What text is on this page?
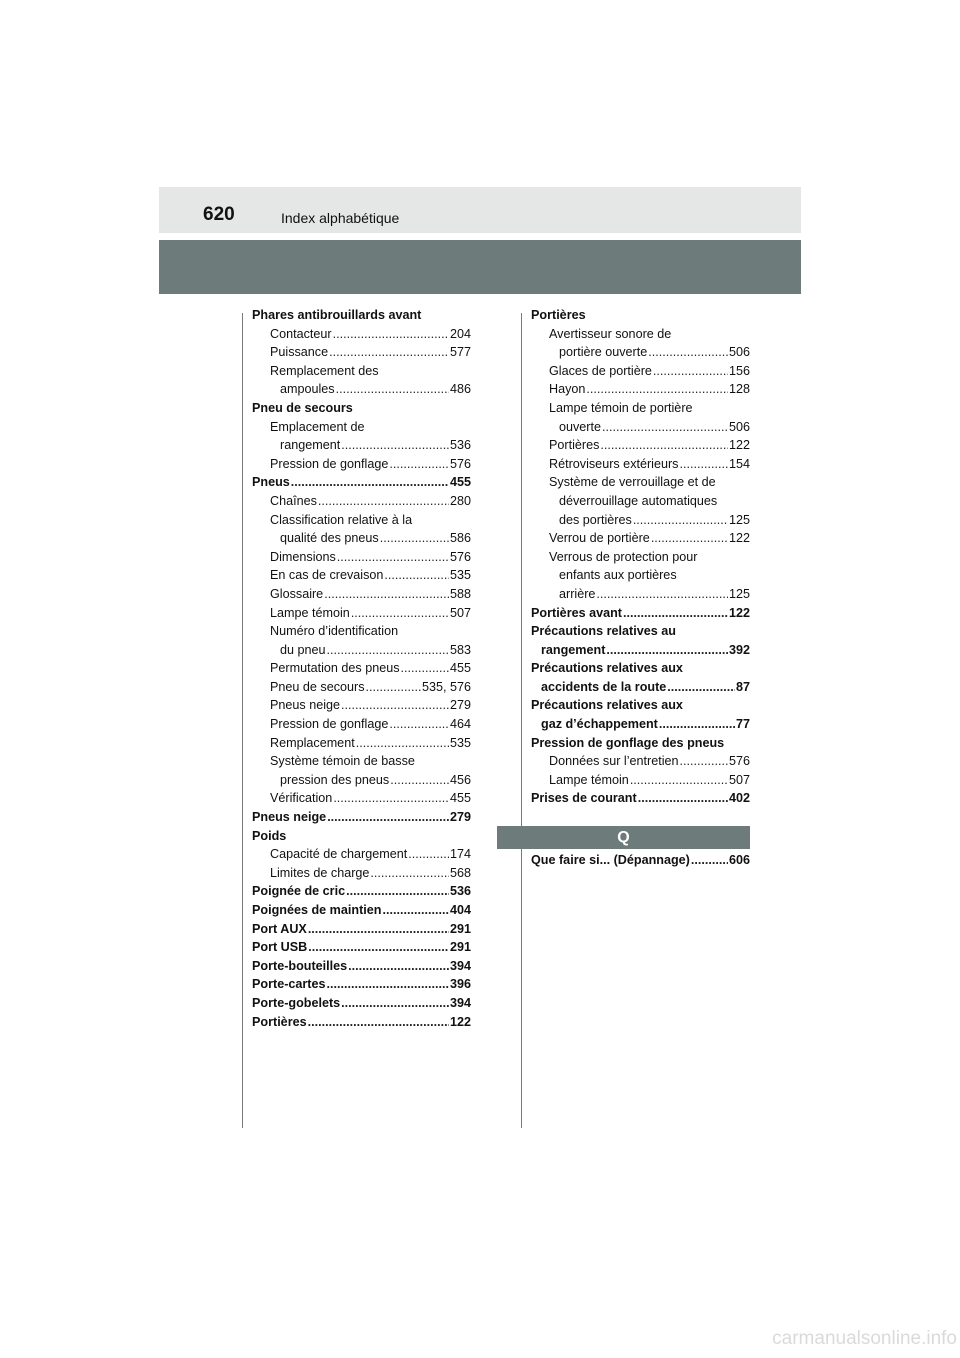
620	Index alphabétique
Phares antibrouillards avant
Contacteur .....	204
Puissance .....	577
Remplacement des
ampoules .....	486
Pneu de secours
Emplacement de
rangement .....	536
Pression de gonflage .....	576
Pneus .....	455
Chaînes .....	280
Classification relative à la
qualité des pneus .....	586
Dimensions .....	576
En cas de crevaison .....	535
Glossaire .....	588
Lampe témoin .....	507
Numéro d’identification
du pneu .....	583
Permutation des pneus .....	455
Pneu de secours .....	535, 576
Pneus neige .....	279
Pression de gonflage .....	464
Remplacement .....	535
Système témoin de basse
pression des pneus .....	456
Vérification .....	455
Pneus neige .....	279
Poids
Capacité de chargement .....	174
Limites de charge .....	568
Poignée de cric .....	536
Poignées de maintien .....	404
Port AUX .....	291
Port USB .....	291
Porte-bouteilles .....	394
Porte-cartes .....	396
Porte-gobelets .....	394
Portières .....	122
Portières
Avertisseur sonore de
portière ouverte .....	506
Glaces de portière .....	156
Hayon .....	128
Lampe témoin de portière
ouverte .....	506
Portières .....	122
Rétroviseurs extérieurs .....	154
Système de verrouillage et de
déverrouillage automatiques
des portières .....	125
Verrou de portière .....	122
Verrous de protection pour
enfants aux portières
arrière .....	125
Portières avant .....	122
Précautions relatives au
rangement .....	392
Précautions relatives aux
accidents de la route .....	87
Précautions relatives aux
gaz d’échappement .....	77
Pression de gonflage des pneus
Données sur l’entretien .....	576
Lampe témoin .....	507
Prises de courant .....	402
Q
Que faire si... (Dépannage) .....	606
carmanualsonline.info
